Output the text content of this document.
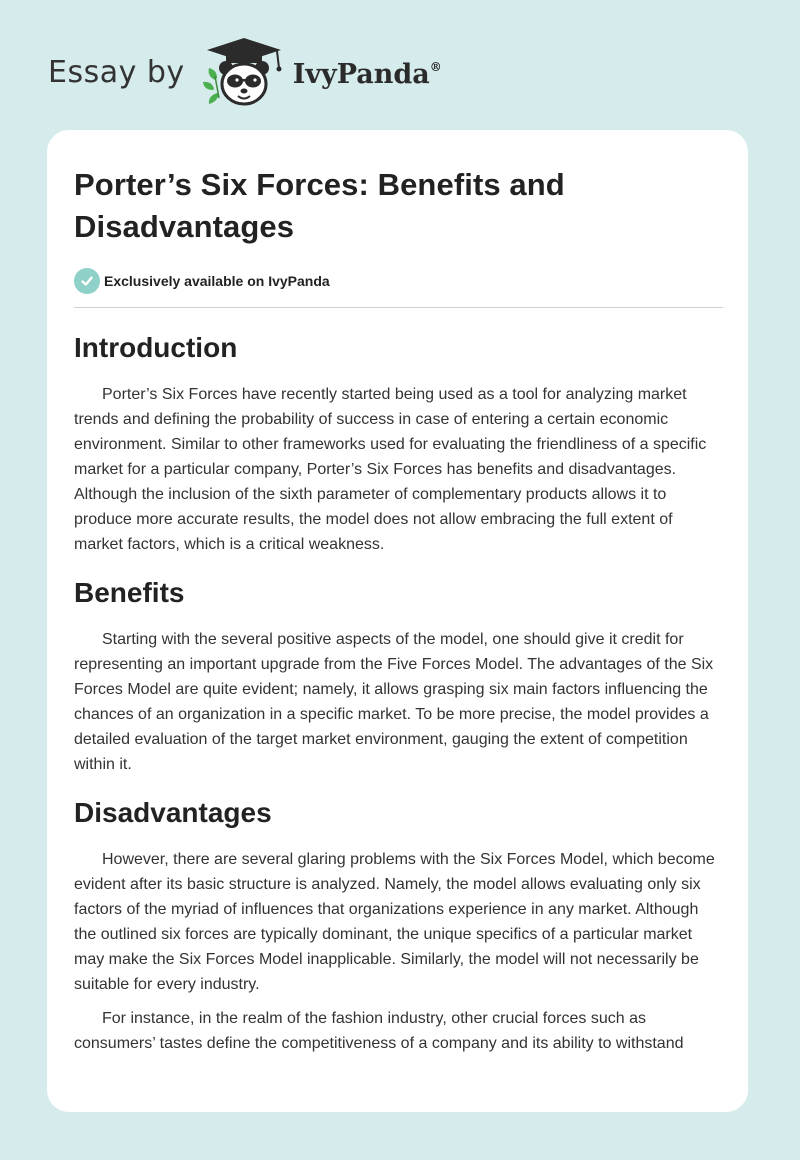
Essay by	IvyPanda®
Porter’s Six Forces: Benefits and Disadvantages
Exclusively available on IvyPanda
Introduction

Porter’s Six Forces have recently started being used as a tool for analyzing market trends and defining the probability of success in case of entering a certain economic environment. Similar to other frameworks used for evaluating the friendliness of a specific market for a particular company, Porter’s Six Forces has benefits and disadvantages. Although the inclusion of the sixth parameter of complementary products allows it to produce more accurate results, the model does not allow embracing the full extent of market factors, which is a critical weakness.

Benefits

Starting with the several positive aspects of the model, one should give it credit for representing an important upgrade from the Five Forces Model. The advantages of the Six Forces Model are quite evident; namely, it allows grasping six main factors influencing the chances of an organization in a specific market. To be more precise, the model provides a detailed evaluation of the target market environment, gauging the extent of competition within it.

Disadvantages

However, there are several glaring problems with the Six Forces Model, which become evident after its basic structure is analyzed. Namely, the model allows evaluating only six factors of the myriad of influences that organizations experience in any market. Although the outlined six forces are typically dominant, the unique specifics of a particular market may make the Six Forces Model inapplicable. Similarly, the model will not necessarily be suitable for every industry.

For instance, in the realm of the fashion industry, other crucial forces such as consumers’ tastes define the competitiveness of a company and its ability to withstand
